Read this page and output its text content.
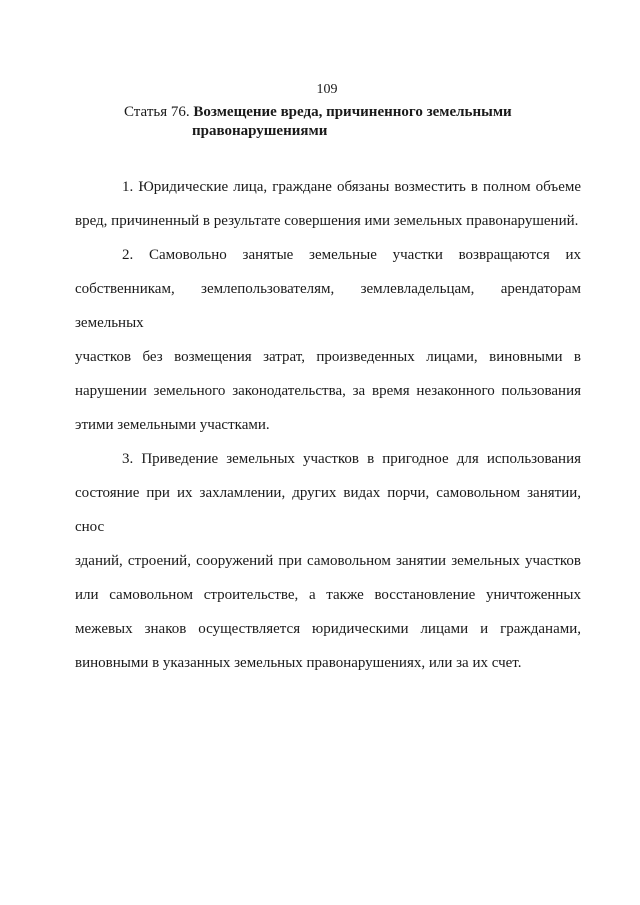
109
Статья 76. Возмещение вреда, причиненного земельными
правонарушениями

1. Юридические лица, граждане обязаны возместить в полном объеме
вред, причиненный в результате совершения ими земельных правонарушений.

2. Самовольно занятые земельные участки возвращаются их
собственникам, землепользователям, землевладельцам, арендаторам земельных
участков без возмещения затрат, произведенных лицами, виновными в
нарушении земельного законодательства, за время незаконного пользования
этими земельными участками.

3. Приведение земельных участков в пригодное для использования
состояние при их захламлении, других видах порчи, самовольном занятии, снос
зданий, строений, сооружений при самовольном занятии земельных участков
или самовольном строительстве, а также восстановление уничтоженных
межевых знаков осуществляется юридическими лицами и гражданами,
виновными в указанных земельных правонарушениях, или за их счет.
